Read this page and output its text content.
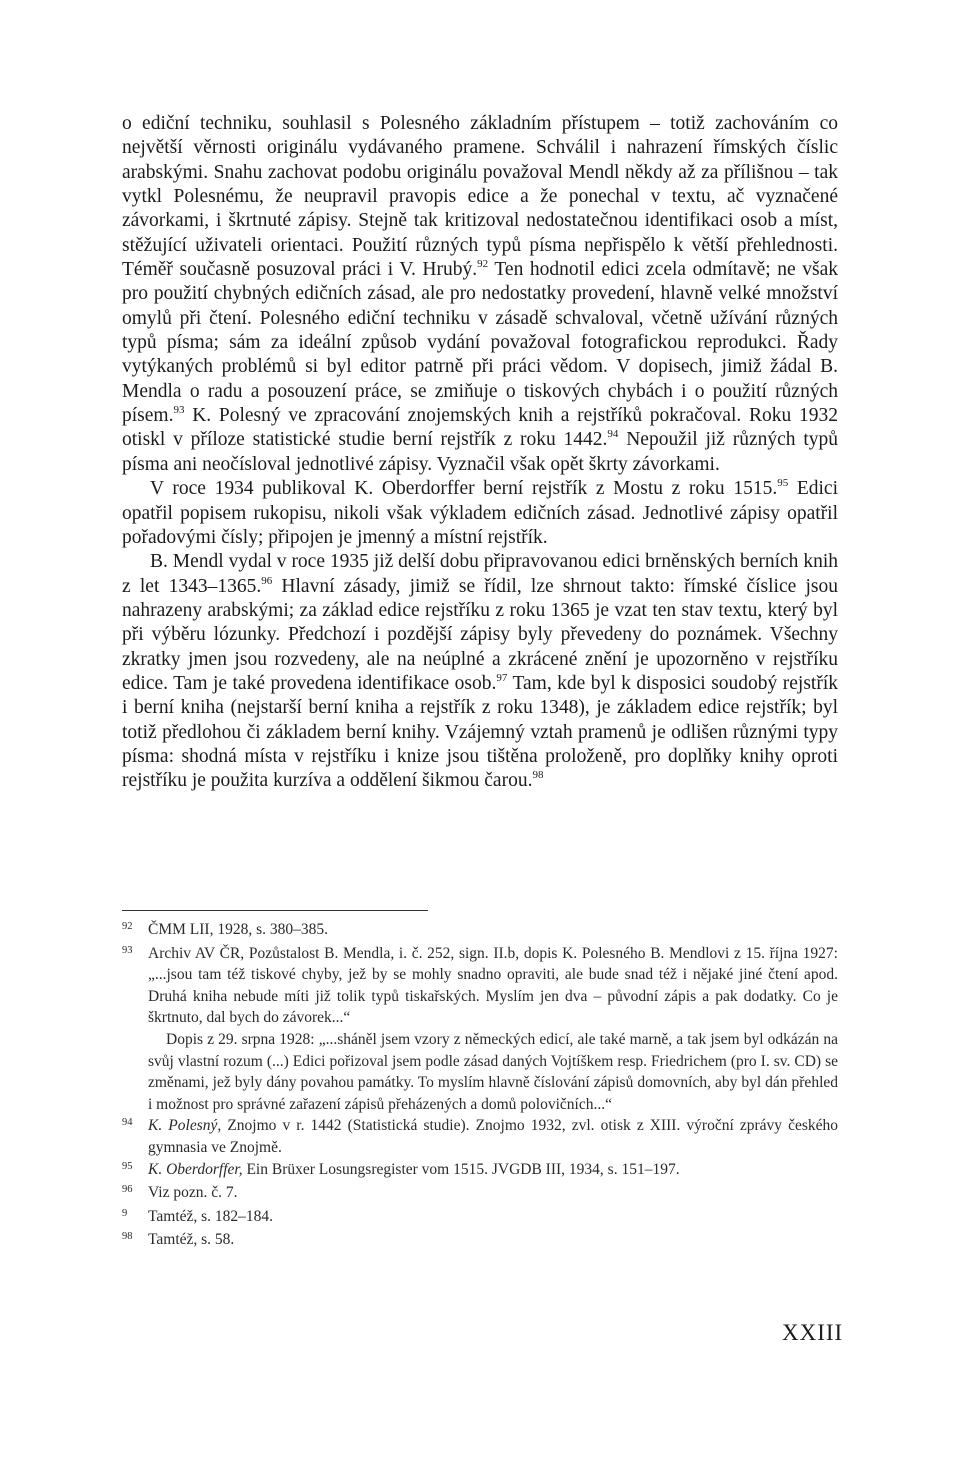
o ediční techniku, souhlasil s Polesného základním přístupem – totiž zachováním co největší věrnosti originálu vydávaného pramene. Schválil i nahrazení římských číslic arabskými. Snahu zachovat podobu originálu považoval Mendl někdy až za přílišnou – tak vytkl Polesnému, že neupravil pravopis edice a že ponechal v textu, ač vyznačené závorkami, i škrtnuté zápisy. Stejně tak kritizoval nedostatečnou identifikaci osob a míst, stěžující uživateli orientaci. Použití různých typů písma nepřispělo k větší přehlednosti. Téměř současně posuzoval práci i V. Hrubý.$^{92}$ Ten hodnotil edici zcela odmítavě; ne však pro použití chybných edičních zásad, ale pro nedostatky provedení, hlavně velké množství omylů při čtení. Polesného ediční techniku v zásadě schvaloval, včetně užívání různých typů písma; sám za ideální způsob vydání považoval fotografickou reprodukci. Řady vytýkaných problémů si byl editor patrně při práci vědom. V dopisech, jimiž žádal B. Mendla o radu a posouzení práce, se zmiňuje o tiskových chybách i o použití různých písem.$^{93}$ K. Polesný ve zpracování znojemských knih a rejstříků pokračoval. Roku 1932 otiskl v příloze statistické studie berní rejstřík z roku 1442.94 Nepoužil již různých typů písma ani neočísloval jednotlivé zápisy. Vyznačil však opět škrty závorkami.

V roce 1934 publikoval K. Oberdorffer berní rejstřík z Mostu z roku 1515.95 Edici opatřil popisem rukopisu, nikoli však výkladem edičních zásad. Jednotlivé zápisy opatřil pořadovými čísly; připojen je jmenný a místní rejstřík.

B. Mendl vydal v roce 1935 již delší dobu připravovanou edici brněnských berních knih z let 1343–1365.96 Hlavní zásady, jimiž se řídil, lze shrnout takto: římské číslice jsou nahrazeny arabskými; za základ edice rejstříku z roku 1365 je vzat ten stav textu, který byl při výběru lózunky. Předchozí i pozdější zápisy byly převedeny do poznámek. Všechny zkratky jmen jsou rozvedeny, ale na neúplné a zkrácené znění je upozorněno v rejstříku edice. Tam je také provedena identifikace osob.$^{97}$ Tam, kde byl k disposici soudobý rejstřík i berní kniha (nejstarší berní kniha a rejstřík z roku 1348), je základem edice rejstřík; byl totiž předlohou či základem berní knihy. Vzájemný vztah pramenů je odlišen různými typy písma: shodná místa v rejstříku i knize jsou tištěna proloženě, pro doplňky knihy oproti rejstříku je použita kurzíva a oddělení šikmou čarou.$^{98}$

$^{92}$	ČMM LII, 1928, s. 380–385.
$^{93}$	Archiv AV ČR, Pozůstalost B. Mendla, i. č. 252, sign. II.b, dopis K. Polesného B. Mendlovi z 15. října 1927: „...jsou tam též tiskové chyby, jež by se mohly snadno opraviti, ale bude snad též i nějaké jiné čtení apod. Druhá kniha nebude míti již tolik typů tiskařských. Myslím jen dva – původní zápis a pak dodatky. Co je škrtnuto, dal bych do závorek...“

Dopis z 29. srpna 1928: „...sháněl jsem vzory z německých edicí, ale také marně, a tak jsem byl odkázán na svůj vlastní rozum (...) Edici pořizoval jsem podle zásad daných Vojtíškem resp. Friedrichem (pro I. sv. CD) se změnami, jež byly dány povahou památky. To myslím hlavně číslování zápisů domovních, aby byl dán přehled i možnost pro správné zařazení zápisů přeházených a domů polovičních...“

$^{94}$	K. Polesný, Znojmo v r. 1442 (Statistická studie). Znojmo 1932, zvl. otisk z XIII. výroční zprávy českého gymnasia ve Znojmě.
$^{95}$	K. Oberdorffer, Ein Brüxer Losungsregister vom 1515. JVGDB III, 1934, s. 151–197.
$^{96}$	Viz pozn. č. 7.
$^9$	Tamtéž, s. 182–184.
$^{98}$	Tamtéž, s. 58.
XXIII
